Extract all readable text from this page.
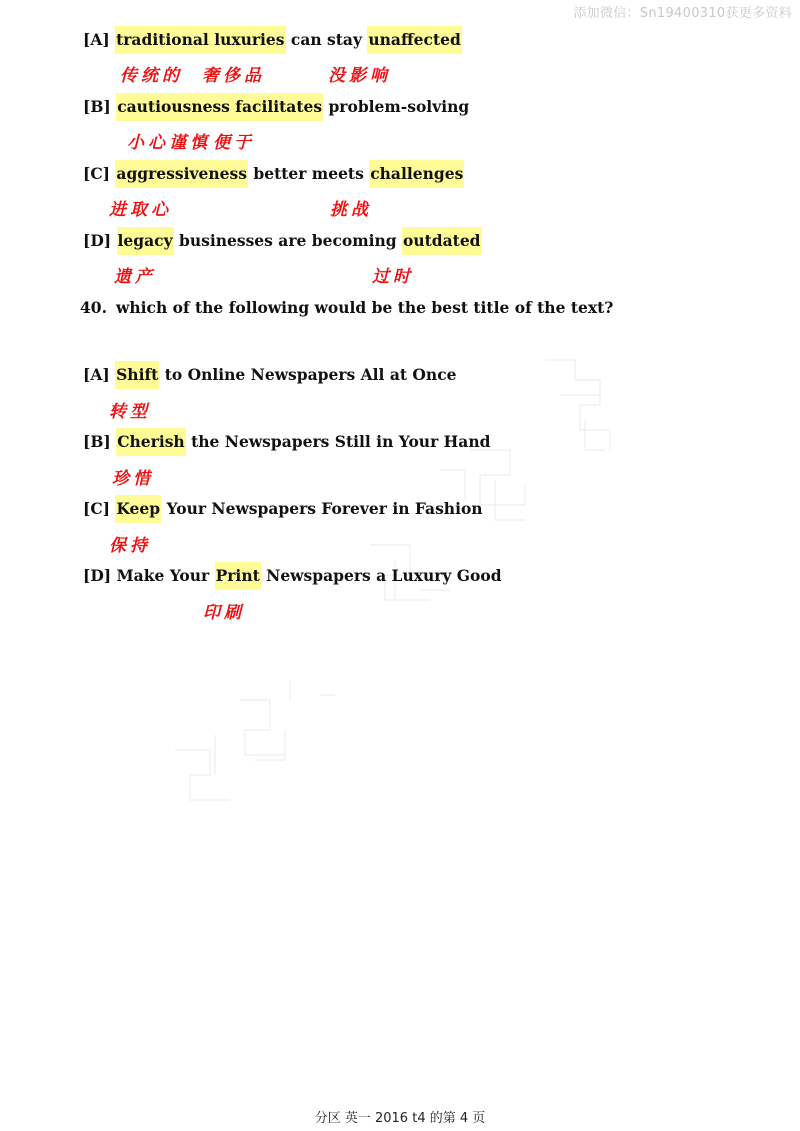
添加微信：Sn19400310获更多资料
[A] traditional luxuries can stay unaffected
传统的 奢侈品	没影响
[B] cautiousness facilitates problem-solving
小心谨慎 便于
[C] aggressiveness better meets challenges
进取心	挑战
[D] legacy businesses are becoming outdated
遗产	过时
40. which of the following would be the best title of the text?
[A] Shift to Online Newspapers All at Once
转型
[B] Cherish the Newspapers Still in Your Hand
珍惜
[C] Keep Your Newspapers Forever in Fashion
保持
[D] Make Your Print Newspapers a Luxury Good
印刷
分区 英一 2016 t4 的第 4 页
